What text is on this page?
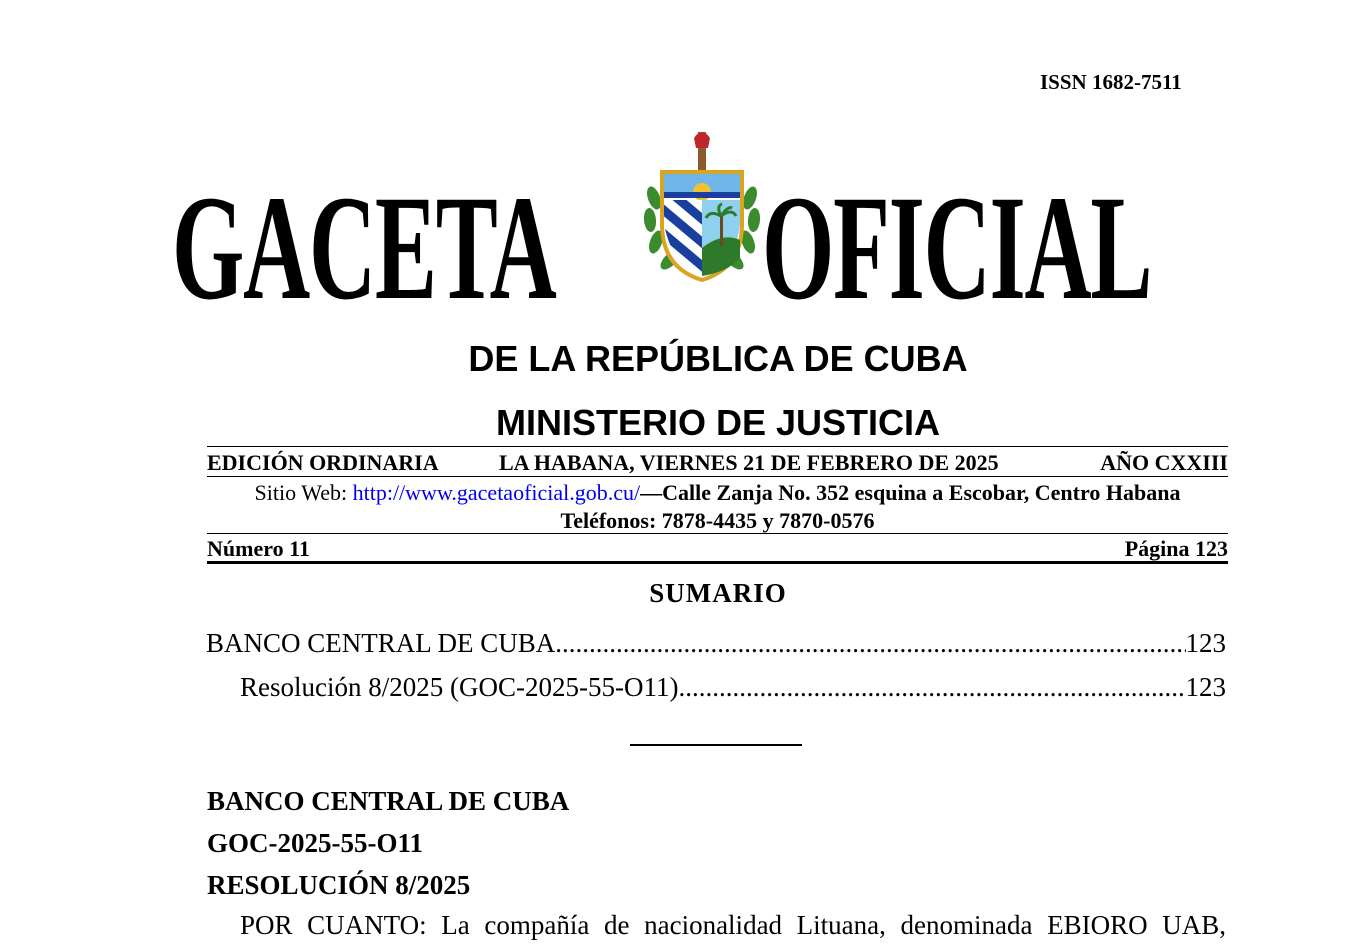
ISSN 1682-7511
GACETA OFICIAL
DE LA REPÚBLICA DE CUBA
MINISTERIO DE JUSTICIA
EDICIÓN ORDINARIA	LA HABANA, VIERNES 21 DE FEBRERO DE 2025	AÑO CXXIII
Sitio Web: http://www.gacetaoficial.gob.cu/—Calle Zanja No. 352 esquina a Escobar, Centro Habana
Teléfonos: 7878-4435 y 7870-0576
Número 11	Página 123
SUMARIO
BANCO CENTRAL DE CUBA .....	123
Resolución 8/2025 (GOC-2025-55-O11) .....	123
BANCO CENTRAL DE CUBA
GOC-2025-55-O11
RESOLUCIÓN 8/2025
POR CUANTO: La compañía de nacionalidad Lituana, denominada EBIORO UAB,
